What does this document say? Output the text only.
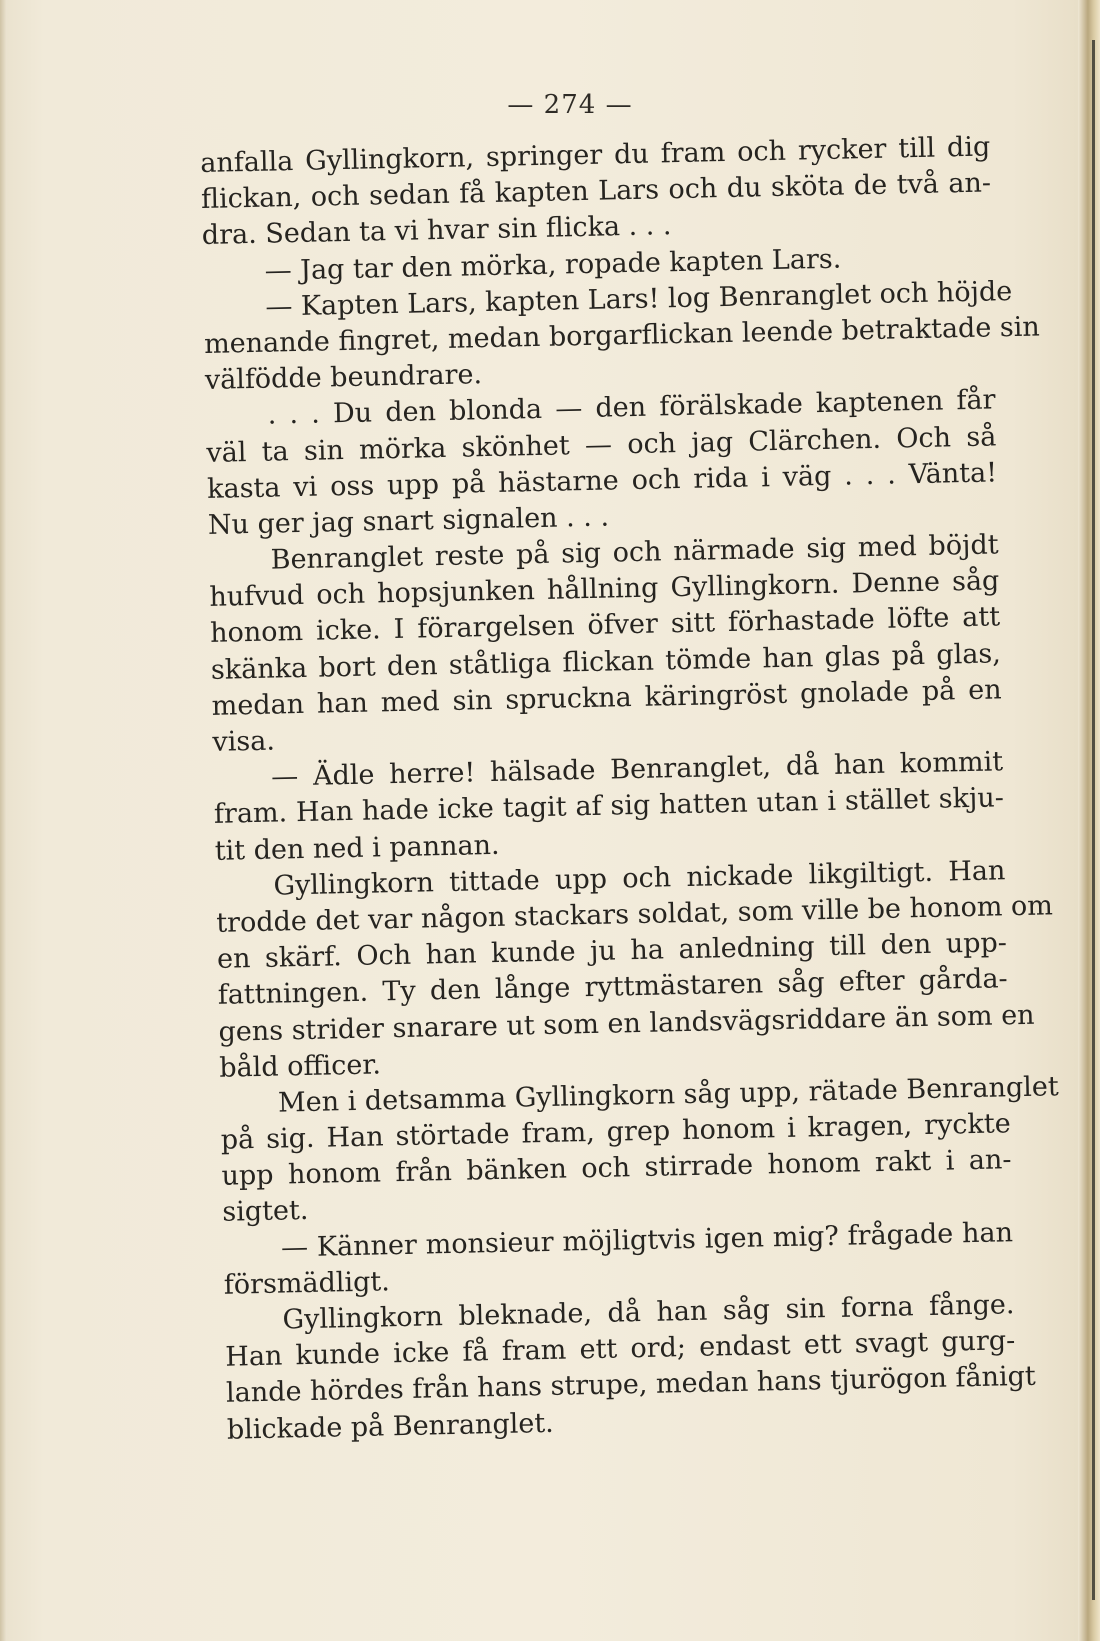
— 274 —
anfalla Gyllingkorn, springer du fram och rycker till dig
flickan, och sedan få kapten Lars och du sköta de två an-
dra. Sedan ta vi hvar sin flicka . . .
— Jag tar den mörka, ropade kapten Lars.
— Kapten Lars, kapten Lars! log Benranglet och höjde
menande fingret, medan borgarflickan leende betraktade sin
välfödde beundrare.
. . . Du den blonda — den förälskade kaptenen får
väl ta sin mörka skönhet — och jag Clärchen. Och så
kasta vi oss upp på hästarne och rida i väg . . . Vänta!
Nu ger jag snart signalen . . .
Benranglet reste på sig och närmade sig med böjdt
hufvud och hopsjunken hållning Gyllingkorn. Denne såg
honom icke. I förargelsen öfver sitt förhastade löfte att
skänka bort den ståtliga flickan tömde han glas på glas,
medan han med sin spruckna käringröst gnolade på en
visa.
— Ädle herre! hälsade Benranglet, då han kommit
fram. Han hade icke tagit af sig hatten utan i stället skju-
tit den ned i pannan.
Gyllingkorn tittade upp och nickade likgiltigt. Han
trodde det var någon stackars soldat, som ville be honom om
en skärf. Och han kunde ju ha anledning till den upp-
fattningen. Ty den långe ryttmästaren såg efter gårda-
gens strider snarare ut som en landsvägsriddare än som en
båld officer.
Men i detsamma Gyllingkorn såg upp, rätade Benranglet
på sig. Han störtade fram, grep honom i kragen, ryckte
upp honom från bänken och stirrade honom rakt i an-
sigtet.
— Känner monsieur möjligtvis igen mig? frågade han
försmädligt.
Gyllingkorn bleknade, då han såg sin forna fånge.
Han kunde icke få fram ett ord; endast ett svagt gurg-
lande hördes från hans strupe, medan hans tjurögon fånigt
blickade på Benranglet.
